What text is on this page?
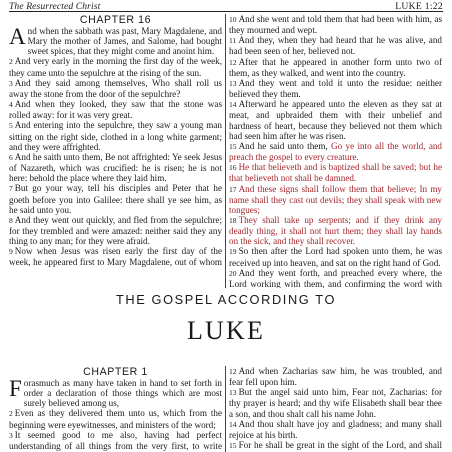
The Resurrected Christ	LUKE 1:22
CHAPTER 16
And when the sabbath was past, Mary Magdalene, and Mary the mother of James, and Salome, had bought sweet spices, that they might come and anoint him.
2 And very early in the morning the first day of the week, they came unto the sepulchre at the rising of the sun.
3 And they said among themselves, Who shall roll us away the stone from the door of the sepulchre?
4 And when they looked, they saw that the stone was rolled away: for it was very great.
5 And entering into the sepulchre, they saw a young man sitting on the right side, clothed in a long white garment; and they were affrighted.
6 And he saith unto them, Be not affrighted: Ye seek Jesus of Nazareth, which was crucified: he is risen; he is not here: behold the place where they laid him.
7 But go your way, tell his disciples and Peter that he goeth before you into Galilee: there shall ye see him, as he said unto you.
8 And they went out quickly, and fled from the sepulchre; for they trembled and were amazed: neither said they any thing to any man; for they were afraid.
9 Now when Jesus was risen early the first day of the week, he appeared first to Mary Magdalene, out of whom
10 And she went and told them that had been with him, as they mourned and wept.
11 And they, when they had heard that he was alive, and had been seen of her, believed not.
12 After that he appeared in another form unto two of them, as they walked, and went into the country.
13 And they went and told it unto the residue: neither believed they them.
14 Afterward he appeared unto the eleven as they sat at meat, and upbraided them with their unbelief and hardness of heart, because they believed not them which had seen him after he was risen.
15 And he said unto them, Go ye into all the world, and preach the gospel to every creature.
16 He that believeth and is baptized shall be saved; but he that believeth not shall be damned.
17 And these signs shall follow them that believe; In my name shall they cast out devils; they shall speak with new tongues;
18 They shall take up serpents; and if they drink any deadly thing, it shall not hurt them; they shall lay hands on the sick, and they shall recover.
19 So then after the Lord had spoken unto them, he was received up into heaven, and sat on the right hand of God.
20 And they went forth, and preached every where, the Lord working with them, and confirming the word with
THE GOSPEL ACCORDING TO
LUKE
CHAPTER 1
Forasmuch as many have taken in hand to set forth in order a declaration of those things which are most surely believed among us,
2 Even as they delivered them unto us, which from the beginning were eyewitnesses, and ministers of the word;
3 It seemed good to me also, having had perfect understanding of all things from the very first, to write
12 And when Zacharias saw him, he was troubled, and fear fell upon him.
13 But the angel said unto him, Fear not, Zacharias: for thy prayer is heard; and thy wife Elisabeth shall bear thee a son, and thou shalt call his name John.
14 And thou shalt have joy and gladness; and many shall rejoice at his birth.
15 For he shall be great in the sight of the Lord, and shall
